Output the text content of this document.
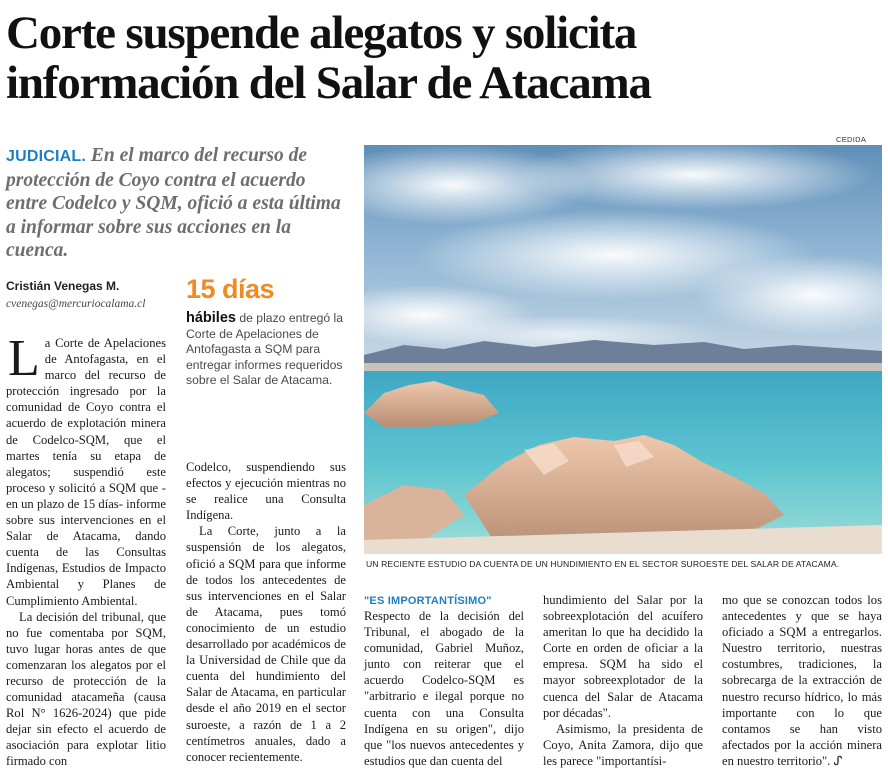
Corte suspende alegatos y solicita
información del Salar de Atacama
JUDICIAL. En el marco del recurso de protección de Coyo contra el acuerdo entre Codelco y SQM, ofició a esta última a informar sobre sus acciones en la cuenca.
Cristián Venegas M.
cvenegas@mercuriocalama.cl 15 días
hábiles de plazo entregó la Corte de Apelaciones de Antofagasta a SQM para entregar informes requeridos sobre el Salar de Atacama.
CEDIDA
UN RECIENTE ESTUDIO DA CUENTA DE UN HUNDIMIENTO EN EL SECTOR SUROESTE DEL SALAR DE ATACAMA.

La Corte de Apelaciones de Antofagasta, en el marco del recurso de protección ingresado por la comunidad de Coyo contra el acuerdo de explotación minera de Codelco-SQM, que el martes tenía su etapa de alegatos; suspendió este proceso y solicitó a SQM que -en un plazo de 15 días- informe sobre sus intervenciones en el Salar de Atacama, dando cuenta de las Consultas Indígenas, Estudios de Impacto Ambiental y Planes de Cumplimiento Ambiental.

La decisión del tribunal, que no fue comentaba por SQM, tuvo lugar horas antes de que comenzaran los alegatos por el recurso de protección de la comunidad atacameña (causa Rol N° 1626-2024) que pide dejar sin efecto el acuerdo de asociación para explotar litio firmado con

Codelco, suspendiendo sus efectos y ejecución mientras no se realice una Consulta Indígena.

La Corte, junto a la suspensión de los alegatos, ofició a SQM para que informe de todos los antecedentes de sus intervenciones en el Salar de Atacama, pues tomó conocimiento de un estudio desarrollado por académicos de la Universidad de Chile que da cuenta del hundimiento del Salar de Atacama, en particular desde el año 2019 en el sector suroeste, a razón de 1 a 2 centímetros anuales, dado a conocer recientemente.

"ES IMPORTANTÍSIMO"

Respecto de la decisión del Tribunal, el abogado de la comunidad, Gabriel Muñoz, junto con reiterar que el acuerdo Codelco-SQM es "arbitrario e ilegal porque no cuenta con una Consulta Indígena en su origen", dijo que "los nuevos antecedentes y estudios que dan cuenta del

hundimiento del Salar por la sobreexplotación del acuífero ameritan lo que ha decidido la Corte en orden de oficiar a la empresa. SQM ha sido el mayor sobreexplotador de la cuenca del Salar de Atacama por décadas".

Asimismo, la presidenta de Coyo, Anita Zamora, dijo que les parece "importantísi-

mo que se conozcan todos los antecedentes y que se haya oficiado a SQM a entregarlos. Nuestro territorio, nuestras costumbres, tradiciones, la sobrecarga de la extracción de nuestro recurso hídrico, lo más importante con lo que contamos se han visto afectados por la acción minera en nuestro territorio". ᔑ
